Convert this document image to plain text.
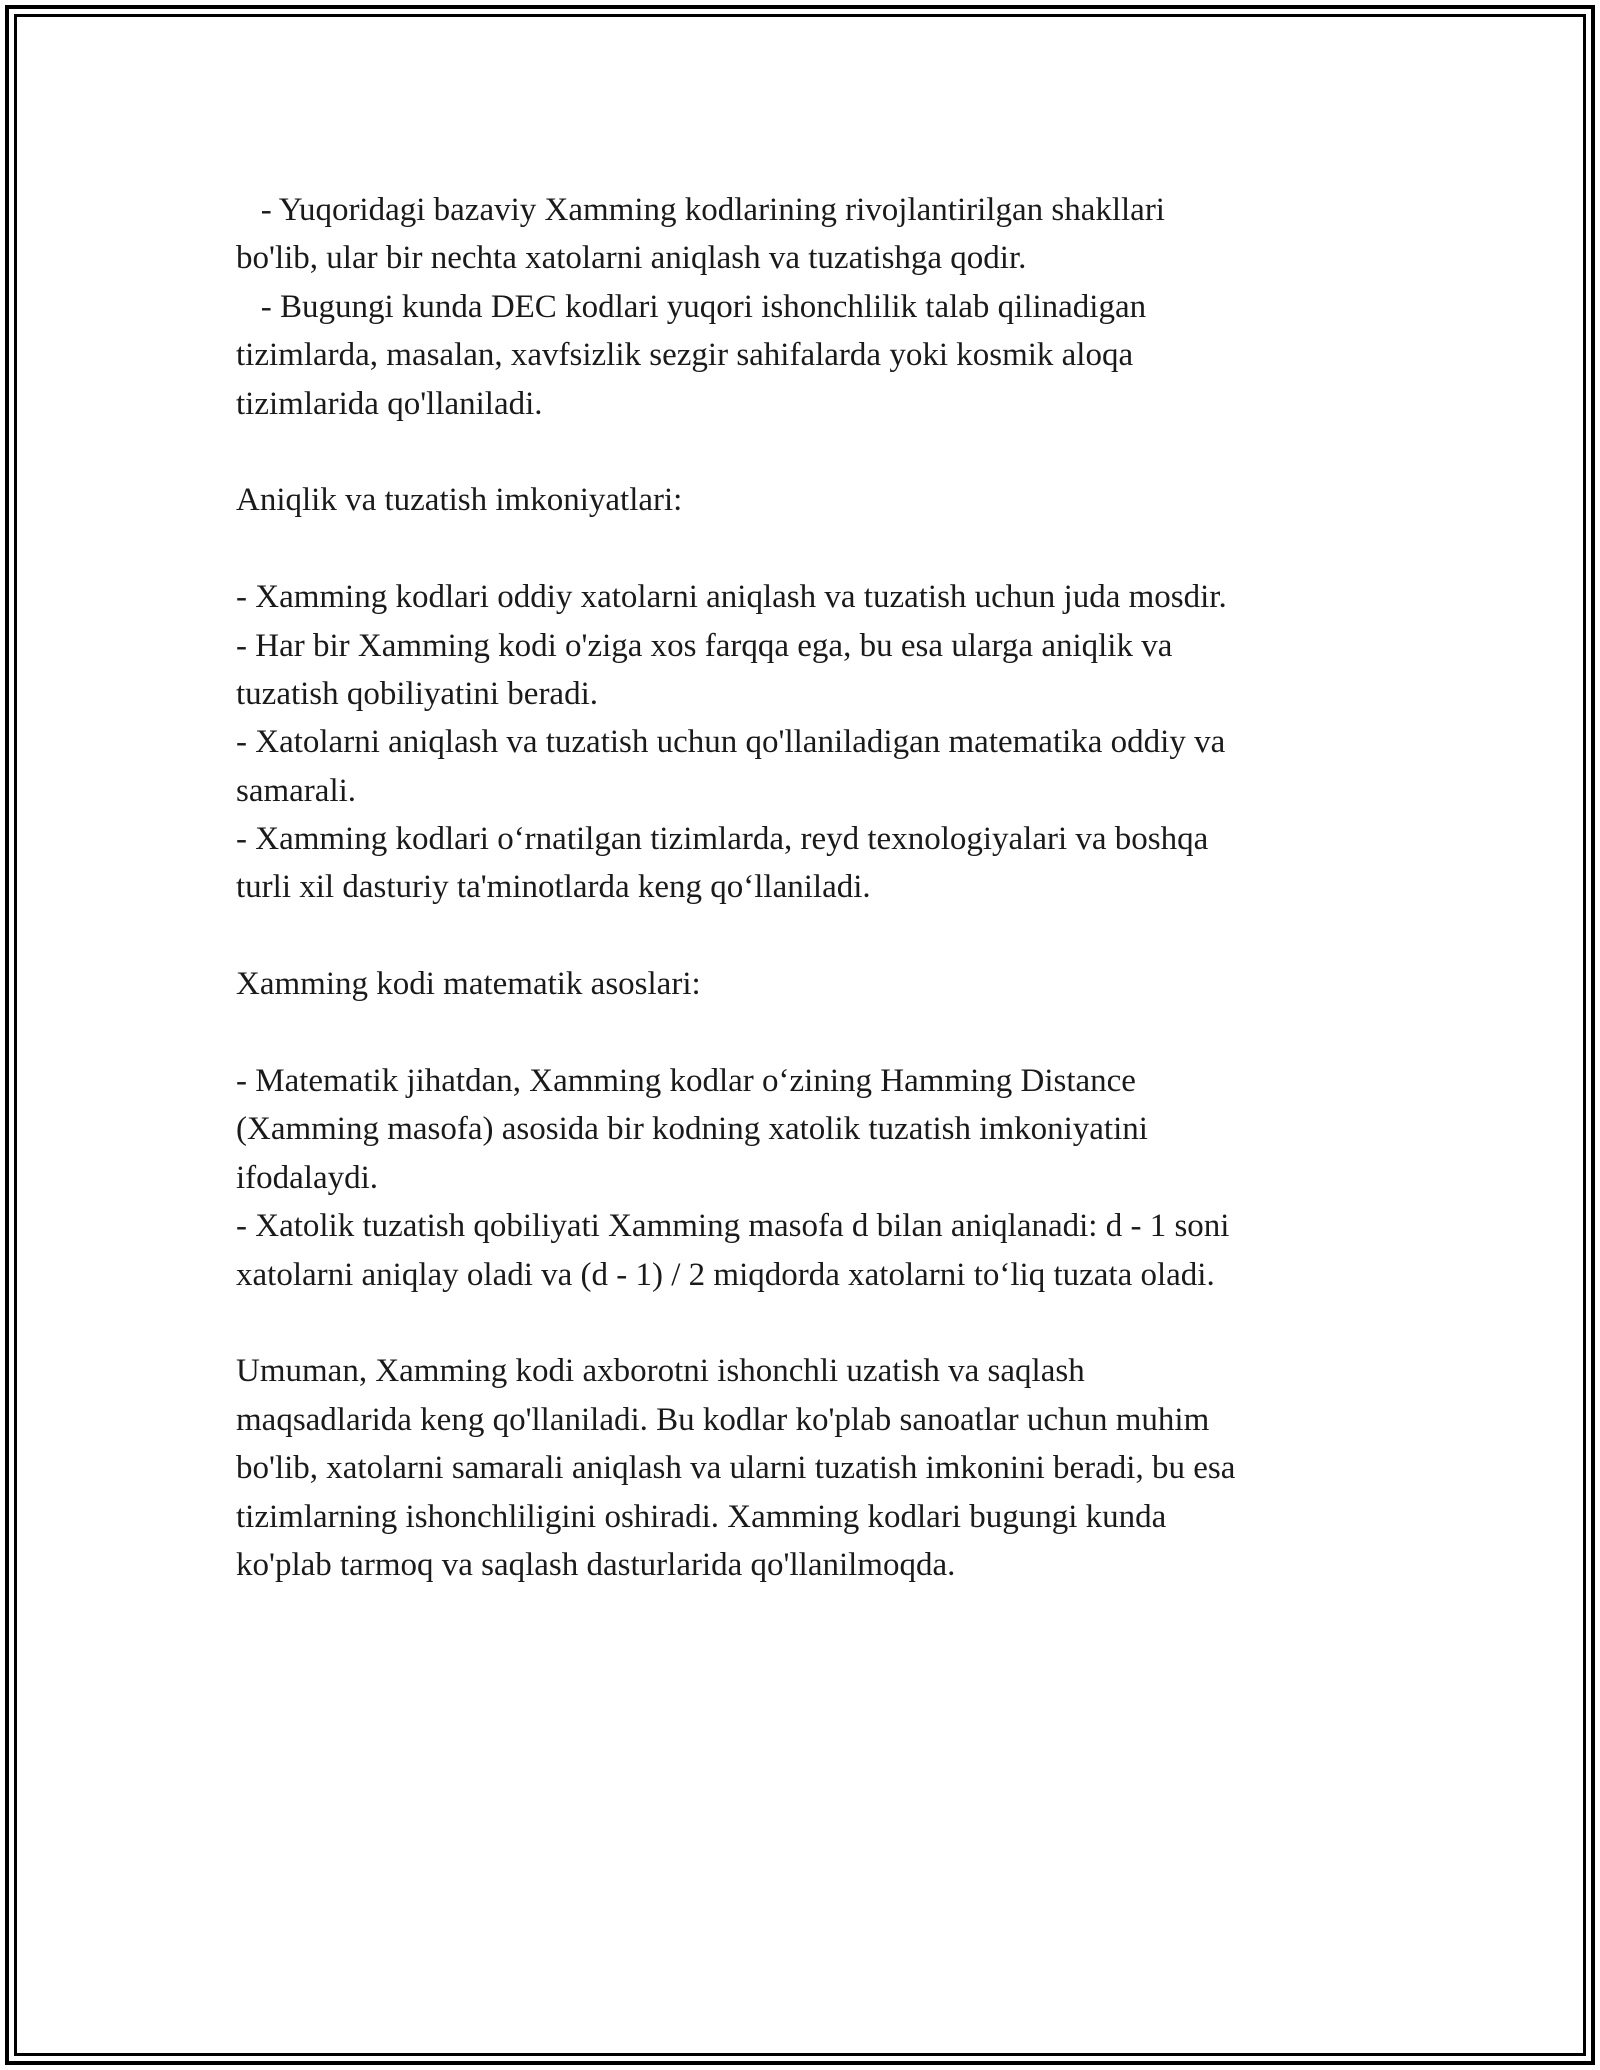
- Yuqoridagi bazaviy Xamming kodlarining rivojlantirilgan shakllari
bo'lib, ular bir nechta xatolarni aniqlash va tuzatishga qodir.
- Bugungi kunda DEC kodlari yuqori ishonchlilik talab qilinadigan
tizimlarda, masalan, xavfsizlik sezgir sahifalarda yoki kosmik aloqa
tizimlarida qo'llaniladi.
Aniqlik va tuzatish imkoniyatlari:
- Xamming kodlari oddiy xatolarni aniqlash va tuzatish uchun juda mosdir.
- Har bir Xamming kodi o'ziga xos farqqa ega, bu esa ularga aniqlik va
tuzatish qobiliyatini beradi.
- Xatolarni aniqlash va tuzatish uchun qo'llaniladigan matematika oddiy va
samarali.
- Xamming kodlari o‘rnatilgan tizimlarda, reyd texnologiyalari va boshqa
turli xil dasturiy ta'minotlarda keng qo‘llaniladi.
Xamming kodi matematik asoslari:
- Matematik jihatdan, Xamming kodlar o‘zining Hamming Distance
(Xamming masofa) asosida bir kodning xatolik tuzatish imkoniyatini
ifodalaydi.
- Xatolik tuzatish qobiliyati Xamming masofa d bilan aniqlanadi: d - 1 soni
xatolarni aniqlay oladi va (d - 1) / 2 miqdorda xatolarni to‘liq tuzata oladi.
Umuman, Xamming kodi axborotni ishonchli uzatish va saqlash
maqsadlarida keng qo'llaniladi. Bu kodlar ko'plab sanoatlar uchun muhim
bo'lib, xatolarni samarali aniqlash va ularni tuzatish imkonini beradi, bu esa
tizimlarning ishonchliligini oshiradi. Xamming kodlari bugungi kunda
ko'plab tarmoq va saqlash dasturlarida qo'llanilmoqda.
